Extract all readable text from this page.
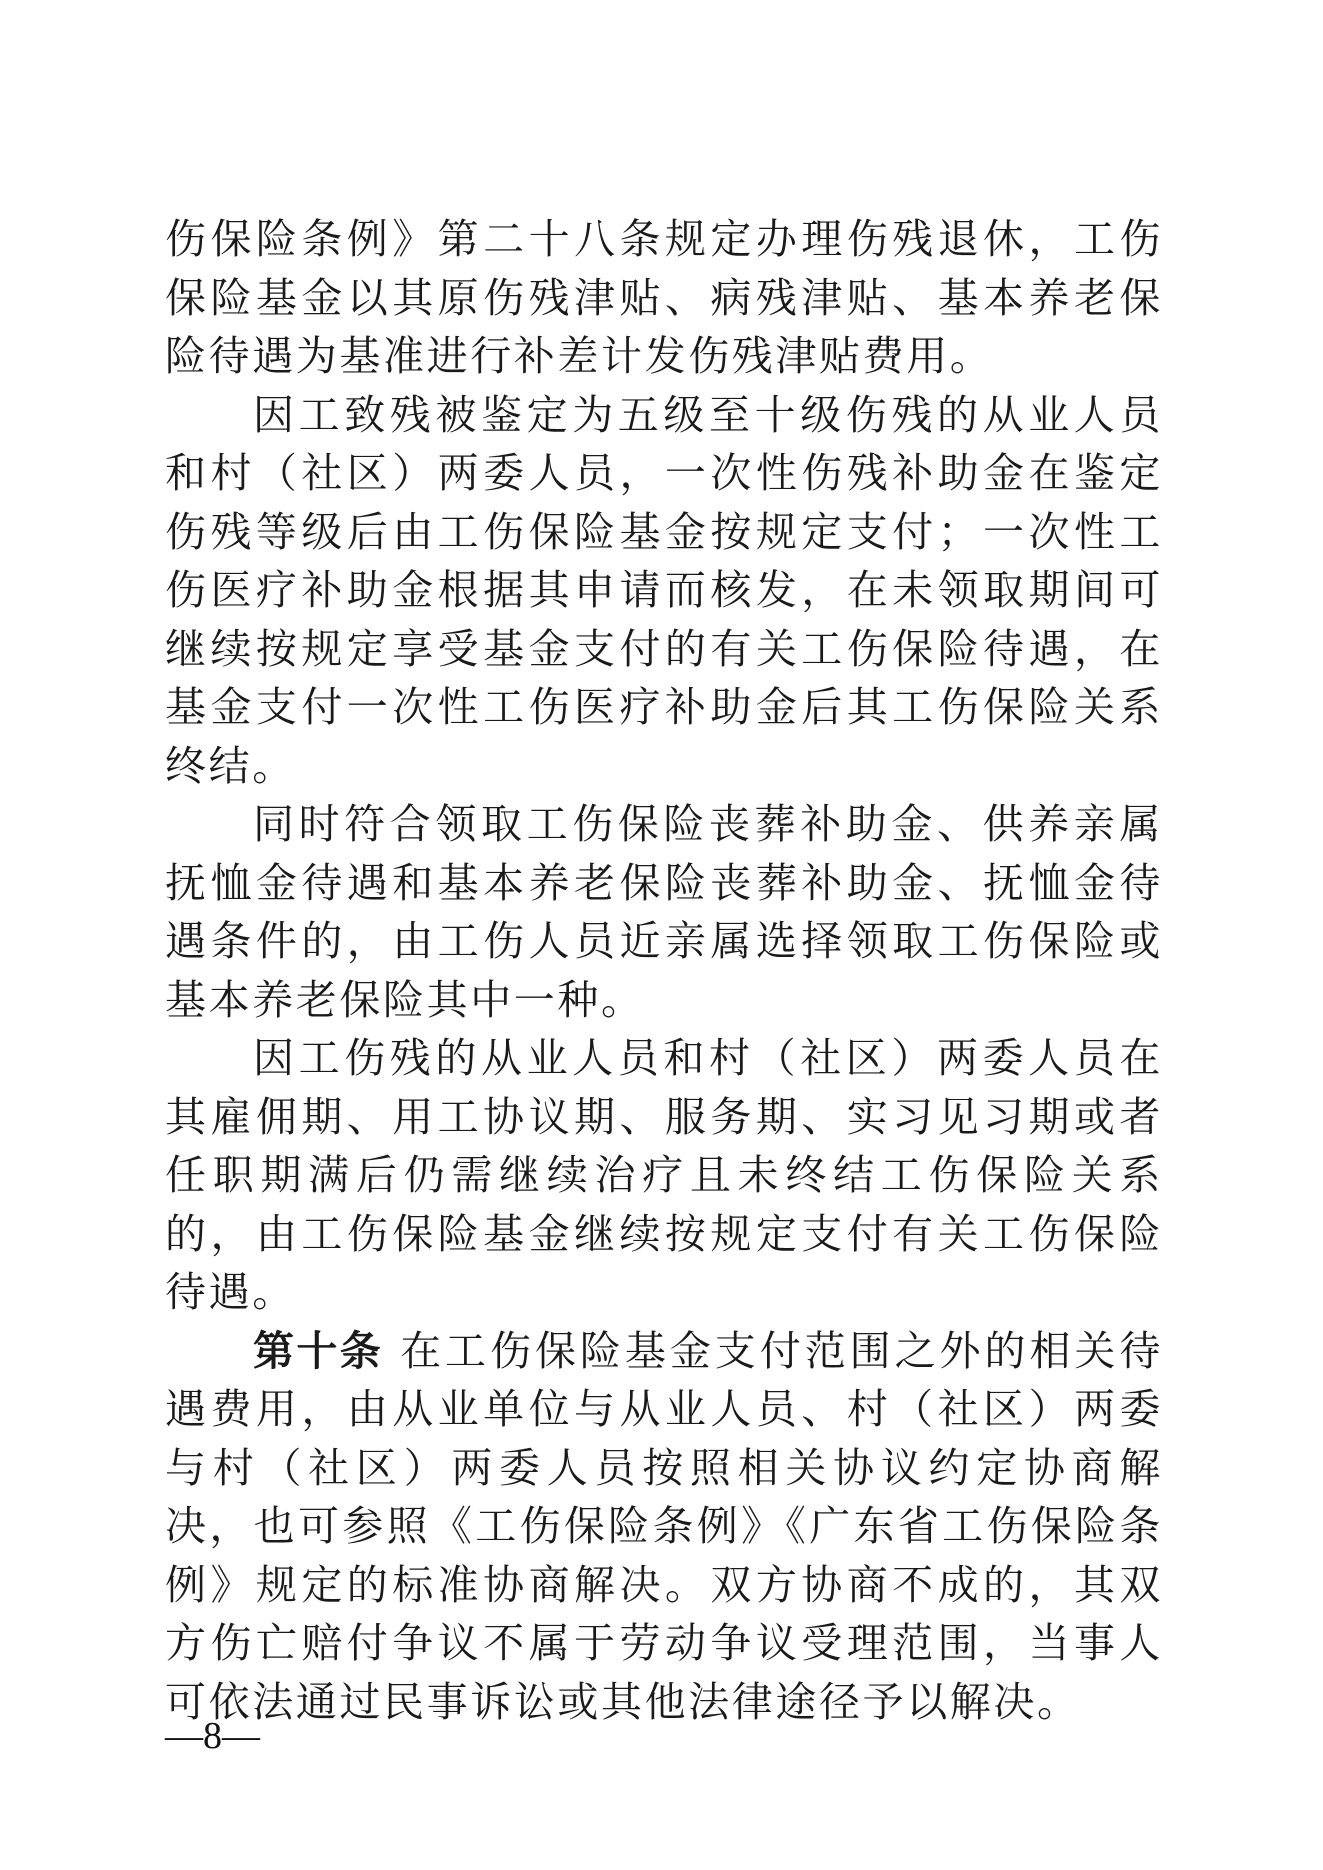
伤保险条例》第二十八条规定办理伤残退休，工伤保险基金以其原伤残津贴、病残津贴、基本养老保险待遇为基准进行补差计发伤残津贴费用。

因工致残被鉴定为五级至十级伤残的从业人员和村（社区）两委人员，一次性伤残补助金在鉴定伤残等级后由工伤保险基金按规定支付；一次性工伤医疗补助金根据其申请而核发，在未领取期间可继续按规定享受基金支付的有关工伤保险待遇，在基金支付一次性工伤医疗补助金后其工伤保险关系终结。

同时符合领取工伤保险丧葬补助金、供养亲属抚恤金待遇和基本养老保险丧葬补助金、抚恤金待遇条件的，由工伤人员近亲属选择领取工伤保险或基本养老保险其中一种。

因工伤残的从业人员和村（社区）两委人员在其雇佣期、用工协议期、服务期、实习见习期或者任职期满后仍需继续治疗且未终结工伤保险关系的，由工伤保险基金继续按规定支付有关工伤保险待遇。

第十条 在工伤保险基金支付范围之外的相关待遇费用，由从业单位与从业人员、村（社区）两委与村（社区）两委人员按照相关协议约定协商解决，也可参照《工伤保险条例》《广东省工伤保险条例》规定的标准协商解决。双方协商不成的，其双方伤亡赔付争议不属于劳动争议受理范围，当事人可依法通过民事诉讼或其他法律途径予以解决。

—8—
